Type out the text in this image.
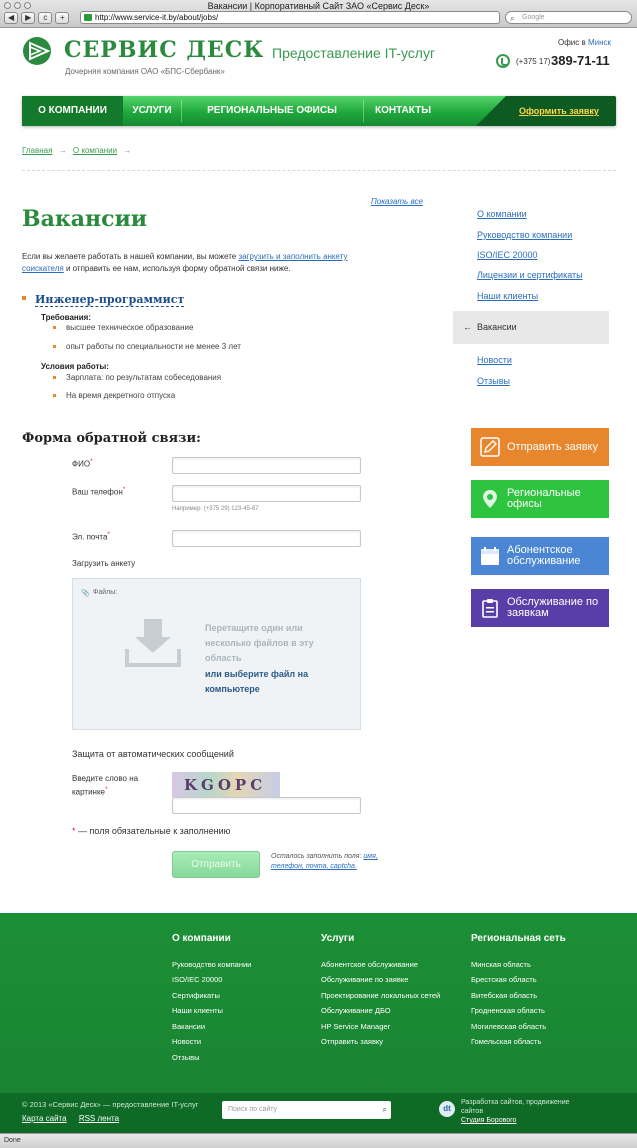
Вакансии | Корпоративный Сайт ЗАО «Сервис Деск»
◀	▶	c	+	http://www.service-it.by/about/jobs/	⌕ Google
СЕРВИС ДЕСК
Дочерняя компания ОАО «БПС-Сбербанк»
Предоставление IT-услуг
Офис в Минск
(+375 17) 389-71-11
О КОМПАНИИ	УСЛУГИ	РЕГИОНАЛЬНЫЕ ОФИСЫ	КОНТАКТЫ	Оформить заявку
Главная → О компании →
Показать все
Вакансии

Если вы желаете работать в нашей компании, вы можете загрузить и заполнить анкету соискателя и отправить ее нам, используя форму обратной связи ниже.

Инженер-программист
Требования:
высшее техническое образование
опыт работы по специальности не менее 3 лет
Условия работы:
Зарплата: по результатам собеседования
На время декретного отпуска
О компании
Руководство компании
ISO/IEC 20000
Лицензии и сертификаты
Наши клиенты
← Вакансии
Новости
Отзывы
Отправить заявку
Региональные офисы
Абонентское обслуживание
Обслуживание по заявкам
Форма обратной связи:
ФИО*
Ваш телефон*
Например: (+375 29) 123-45-67
Эл. почта*
Загрузить анкету
📎 Файлы:
Перетащите один или несколько файлов в эту область
или выберите файл на компьютере
Защита от автоматических сообщений
Введите слово на картинке*	KGOPC
* — поля обязательные к заполнению
Отправить
Осталось заполнить поля: имя, телефон, почта, captcha.
О компании
Руководство компании
ISO/IEC 20000
Сертификаты
Наши клиенты
Вакансии
Новости
Отзывы
Услуги
Абонентское обслуживание
Обслуживание по заявке
Проектирование локальных сетей
Обслуживание ДБО
HP Service Manager
Отправить заявку
Региональная сеть
Минская область
Брестская область
Витебская область
Гродненская область
Могилевская область
Гомельская область
© 2013 «Сервис Деск» — предоставление IT-услуг
Карта сайта RSS лента
Поиск по сайту	⌕	dt
Разработка сайтов, продвижение сайтов
Студия Борового
Done
